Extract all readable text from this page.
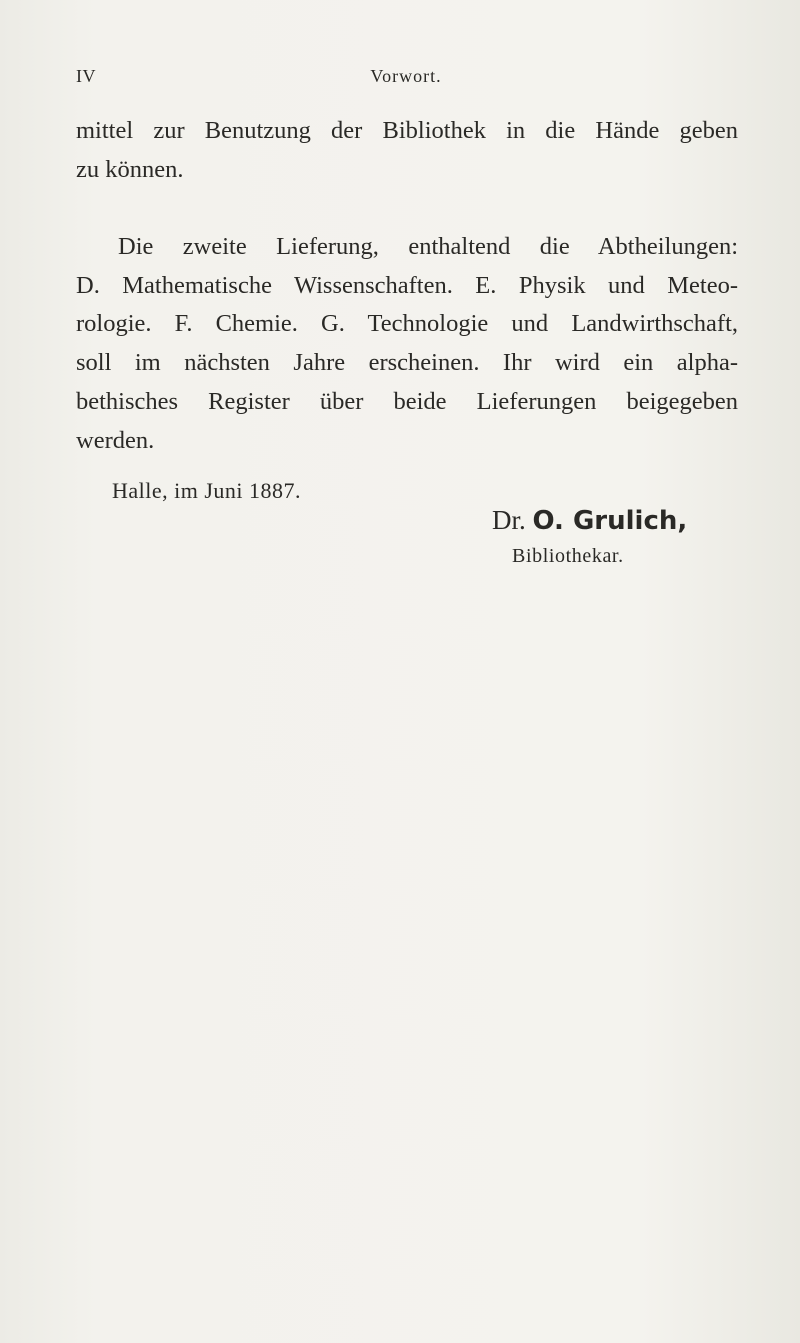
IV	Vorwort.

mittel zur Benutzung der Bibliothek in die Hände geben
zu können.

Die zweite Lieferung, enthaltend die Abtheilungen:
D. Mathematische Wissenschaften. E. Physik und Meteo-
rologie. F. Chemie. G. Technologie und Landwirthschaft,
soll im nächsten Jahre erscheinen. Ihr wird ein alpha-
bethisches Register über beide Lieferungen beigegeben
werden.

Halle, im Juni 1887.
Dr. O. Grulich,
Bibliothekar.
